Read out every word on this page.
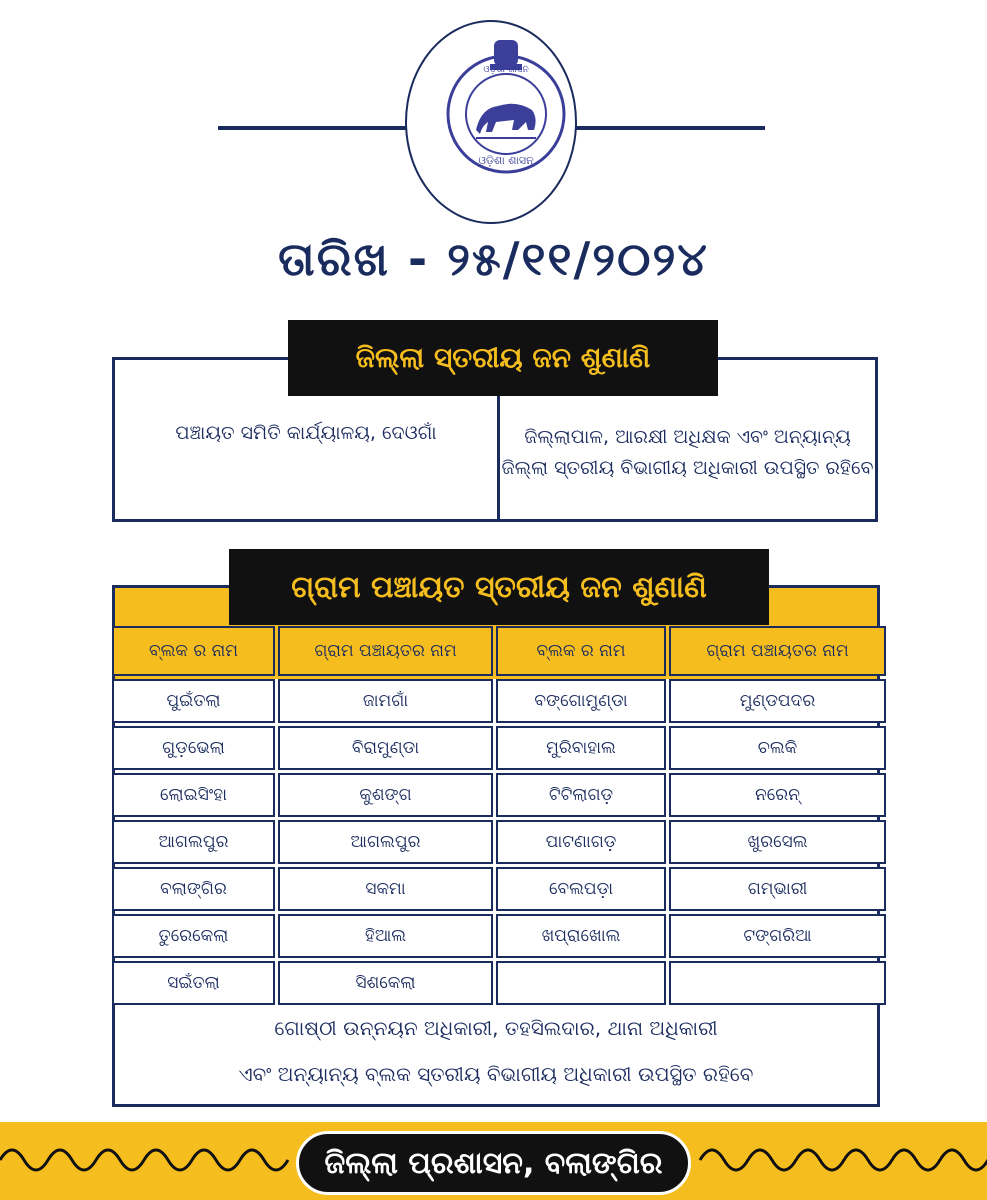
ଓଡ଼ିଶା ଶାସନ
ଓଡ଼ିଶା ଶାସନ
ତାରିଖ - ୨୫/୧୧/୨୦୨୪
ପଞ୍ଚାୟତ ସମିତି କାର୍ଯ୍ୟାଳୟ, ଦେଓଗାଁ	ଜିଲ୍ଲାପାଳ, ଆରକ୍ଷୀ ଅଧିକ୍ଷକ ଏବଂ ଅନ୍ୟାନ୍ୟ ଜିଲ୍ଲା ସ୍ତରୀୟ ବିଭାଗୀୟ ଅଧିକାରୀ ଉପସ୍ଥିତ ରହିବେ
ଜିଲ୍ଲା ସ୍ତରୀୟ ଜନ ଶୁଣାଣି
ଗ୍ରାମ ପଞ୍ଚାୟତ ସ୍ତରୀୟ ଜନ ଶୁଣାଣି
ବ୍ଲକ ର ନାମ	ଗ୍ରାମ ପଞ୍ଚାୟତର ନାମ	ବ୍ଲକ ର ନାମ	ଗ୍ରାମ ପଞ୍ଚାୟତର ନାମ
ପୁଇଁତଲା	ଜାମଗାଁ	ବଙ୍ଗୋମୁଣ୍ଡା	ମୁଣ୍ଡପଦର
ଗୁଡ଼ଭେଲା	ବିରାମୁଣ୍ଡା	ମୁରିବାହାଲ	ଚଲକି
ଲୋଇସିଂହା	କୁଶଙ୍ଗ	ଟିଟିଲାଗଡ଼	ନରେନ୍
ଆଗଲପୁର	ଆଗଲପୁର	ପାଟଣାଗଡ଼	ଖୁରସେଲ
ବଲାଙ୍ଗିର	ସକମା	ବେଲପଡ଼ା	ଗମ୍ଭାରୀ
ତୁରେକେଲା	ହିଆଲ	ଖପ୍ରାଖୋଲ	ଟଙ୍ଗରିଆ
ସଇଁତଲା	ସିଶକେଲା
ଗୋଷ୍ଠୀ ଉନ୍ନୟନ ଅଧିକାରୀ, ତହସିଲଦାର, ଥାନା ଅଧିକାରୀ
ଏବଂ ଅନ୍ୟାନ୍ୟ ବ୍ଲକ ସ୍ତରୀୟ ବିଭାଗୀୟ ଅଧିକାରୀ ଉପସ୍ଥିତ ରହିବେ
ଜିଲ୍ଲା ପ୍ରଶାସନ, ବଲାଙ୍ଗିର
